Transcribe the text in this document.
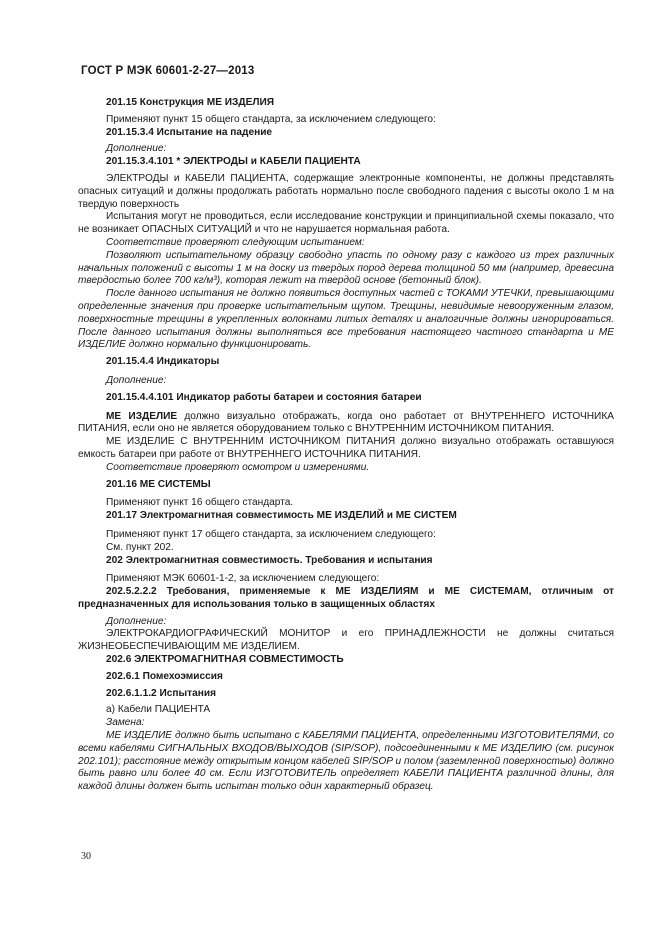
ГОСТ Р МЭК 60601-2-27—2013

201.15 Конструкция ME ИЗДЕЛИЯ

Применяют пункт 15 общего стандарта, за исключением следующего:

201.15.3.4 Испытание на падение

Дополнение:

201.15.3.4.101 * ЭЛЕКТРОДЫ и КАБЕЛИ ПАЦИЕНТА

ЭЛЕКТРОДЫ и КАБЕЛИ ПАЦИЕНТА, содержащие электронные компоненты, не должны представлять опасных ситуаций и должны продолжать работать нормально после свободного падения с высоты около 1 м на твердую поверхность

Испытания могут не проводиться, если исследование конструкции и принципиальной схемы показало, что не возникает ОПАСНЫХ СИТУАЦИЙ и что не нарушается нормальная работа.

Соответствие проверяют следующим испытанием:

Позволяют испытательному образцу свободно упасть по одному разу с каждого из трех различных начальных положений с высоты 1 м на доску из твердых пород дерева толщиной 50 мм (например, древесина твердостью более 700 кг/м³), которая лежит на твердой основе (бетонный блок).

После данного испытания не должно появиться доступных частей с ТОКАМИ УТЕЧКИ, превышающими определенные значения при проверке испытательным щупом. Трещины, невидимые невооруженным глазом, поверхностные трещины в укрепленных волокнами литых деталях и аналогичные должны игнорироваться. После данного испытания должны выполняться все требования настоящего частного стандарта и ME ИЗДЕЛИЕ должно нормально функционировать.

201.15.4.4 Индикаторы

Дополнение:

201.15.4.4.101 Индикатор работы батареи и состояния батареи

ME ИЗДЕЛИЕ должно визуально отображать, когда оно работает от ВНУТРЕННЕГО ИСТОЧНИКА ПИТАНИЯ, если оно не является оборудованием только с ВНУТРЕННИМ ИСТОЧНИКОМ ПИТАНИЯ.

ME ИЗДЕЛИЕ С ВНУТРЕННИМ ИСТОЧНИКОМ ПИТАНИЯ должно визуально отображать оставшуюся емкость батареи при работе от ВНУТРЕННЕГО ИСТОЧНИКА ПИТАНИЯ.

Соответствие проверяют осмотром и измерениями.

201.16 ME СИСТЕМЫ

Применяют пункт 16 общего стандарта.

201.17 Электромагнитная совместимость ME ИЗДЕЛИЙ и ME СИСТЕМ

Применяют пункт 17 общего стандарта, за исключением следующего:

См. пункт 202.

202 Электромагнитная совместимость. Требования и испытания

Применяют МЭК 60601-1-2, за исключением следующего:

202.5.2.2.2 Требования, применяемые к ME ИЗДЕЛИЯМ и ME СИСТЕМАМ, отличным от предназначенных для использования только в защищенных областях

Дополнение:

ЭЛЕКТРОКАРДИОГРАФИЧЕСКИЙ МОНИТОР и его ПРИНАДЛЕЖНОСТИ не должны считаться ЖИЗНЕОБЕСПЕЧИВАЮЩИМ ME ИЗДЕЛИЕМ.

202.6 ЭЛЕКТРОМАГНИТНАЯ СОВМЕСТИМОСТЬ

202.6.1 Помехоэмиссия

202.6.1.1.2 Испытания

а) Кабели ПАЦИЕНТА

Замена:

ME ИЗДЕЛИЕ должно быть испытано с КАБЕЛЯМИ ПАЦИЕНТА, определенными ИЗГОТОВИТЕЛЯМИ, со всеми кабелями СИГНАЛЬНЫХ ВХОДОВ/ВЫХОДОВ (SIP/SOP), подсоединенными к ME ИЗДЕЛИЮ (см. рисунок 202.101); расстояние между открытым концом кабелей SIP/SOP и полом (заземленной поверхностью) должно быть равно или более 40 см. Если ИЗГОТОВИТЕЛЬ определяет КАБЕЛИ ПАЦИЕНТА различной длины, для каждой длины должен быть испытан только один характерный образец.

30
